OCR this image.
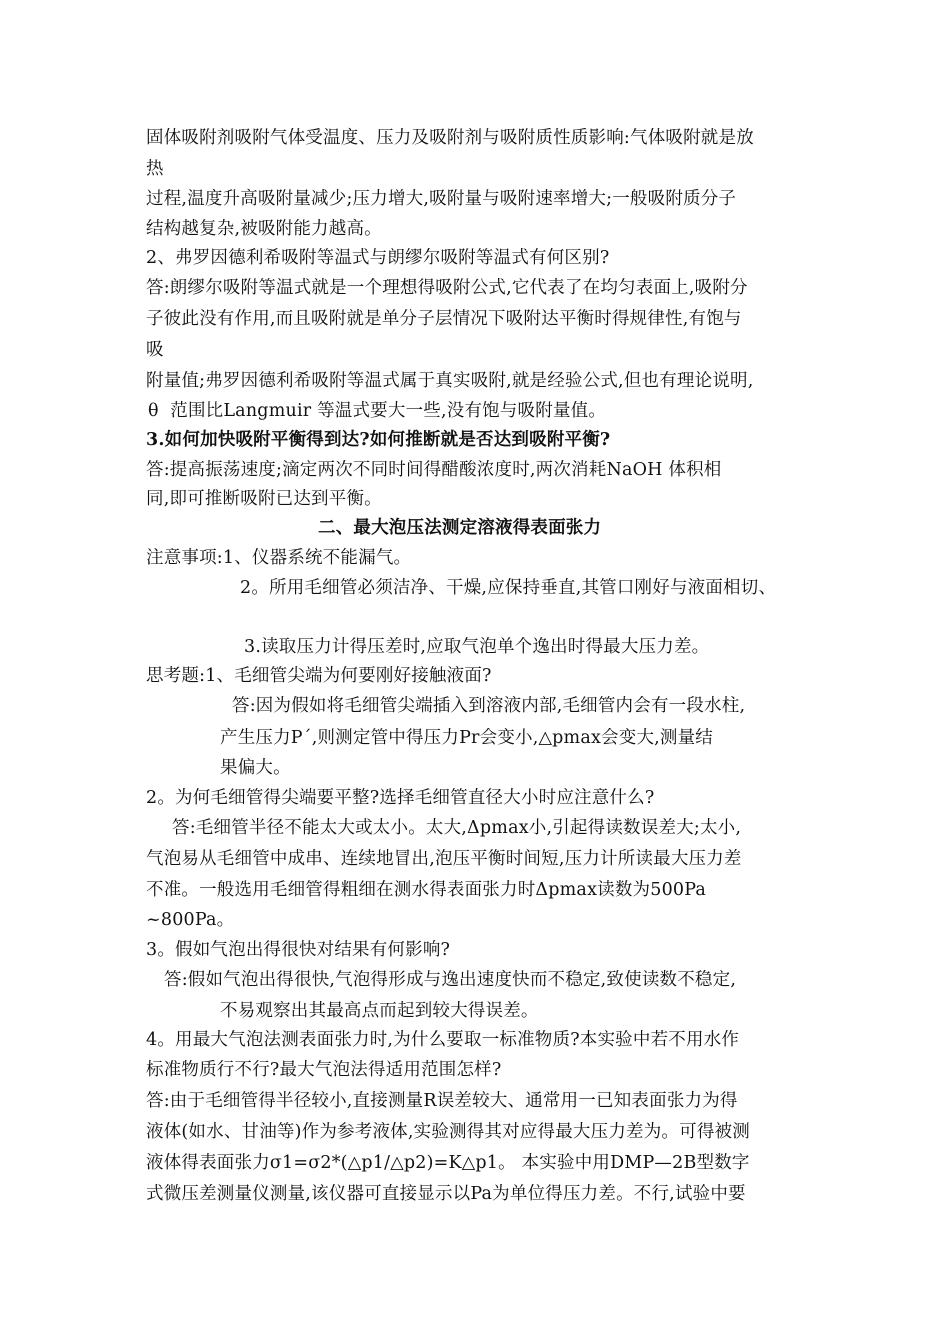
固体吸附剂吸附气体受温度、压力及吸附剂与吸附质性质影响:气体吸附就是放
热
过程,温度升高吸附量减少;压力增大,吸附量与吸附速率增大;一般吸附质分子
结构越复杂,被吸附能力越高。
2、弗罗因德利希吸附等温式与朗缪尔吸附等温式有何区别?
答:朗缪尔吸附等温式就是一个理想得吸附公式,它代表了在均匀表面上,吸附分
子彼此没有作用,而且吸附就是单分子层情况下吸附达平衡时得规律性,有饱与
吸
附量值;弗罗因德利希吸附等温式属于真实吸附,就是经验公式,但也有理论说明,
θ  范围比Langmuir 等温式要大一些,没有饱与吸附量值。
3.如何加快吸附平衡得到达?如何推断就是否达到吸附平衡?
答:提高振荡速度;滴定两次不同时间得醋酸浓度时,两次消耗NaOH 体积相
同,即可推断吸附已达到平衡。
二、最大泡压法测定溶液得表面张力
注意事项:1、仪器系统不能漏气。
2。所用毛细管必须洁净、干燥,应保持垂直,其管口刚好与液面相切、
3.读取压力计得压差时,应取气泡单个逸出时得最大压力差。
思考题:1、毛细管尖端为何要刚好接触液面?
答:因为假如将毛细管尖端插入到溶液内部,毛细管内会有一段水柱,
产生压力P´,则测定管中得压力Pr会变小,△pmax会变大,测量结
果偏大。
2。为何毛细管得尖端要平整?选择毛细管直径大小时应注意什么?
答:毛细管半径不能太大或太小。太大,Δpmax小,引起得读数误差大;太小,
气泡易从毛细管中成串、连续地冒出,泡压平衡时间短,压力计所读最大压力差
不准。一般选用毛细管得粗细在测水得表面张力时Δpmax读数为500Pa
~800Pa。
3。假如气泡出得很快对结果有何影响?
答:假如气泡出得很快,气泡得形成与逸出速度快而不稳定,致使读数不稳定,
不易观察出其最高点而起到较大得误差。
4。用最大气泡法测表面张力时,为什么要取一标准物质?本实验中若不用水作
标准物质行不行?最大气泡法得适用范围怎样?
答:由于毛细管得半径较小,直接测量R误差较大、通常用一已知表面张力为得
液体(如水、甘油等)作为参考液体,实验测得其对应得最大压力差为。可得被测
液体得表面张力σ1=σ2*(△p1/△p2)=K△p1。 本实验中用DMP—2B型数字
式微压差测量仪测量,该仪器可直接显示以Pa为单位得压力差。不行,试验中要
